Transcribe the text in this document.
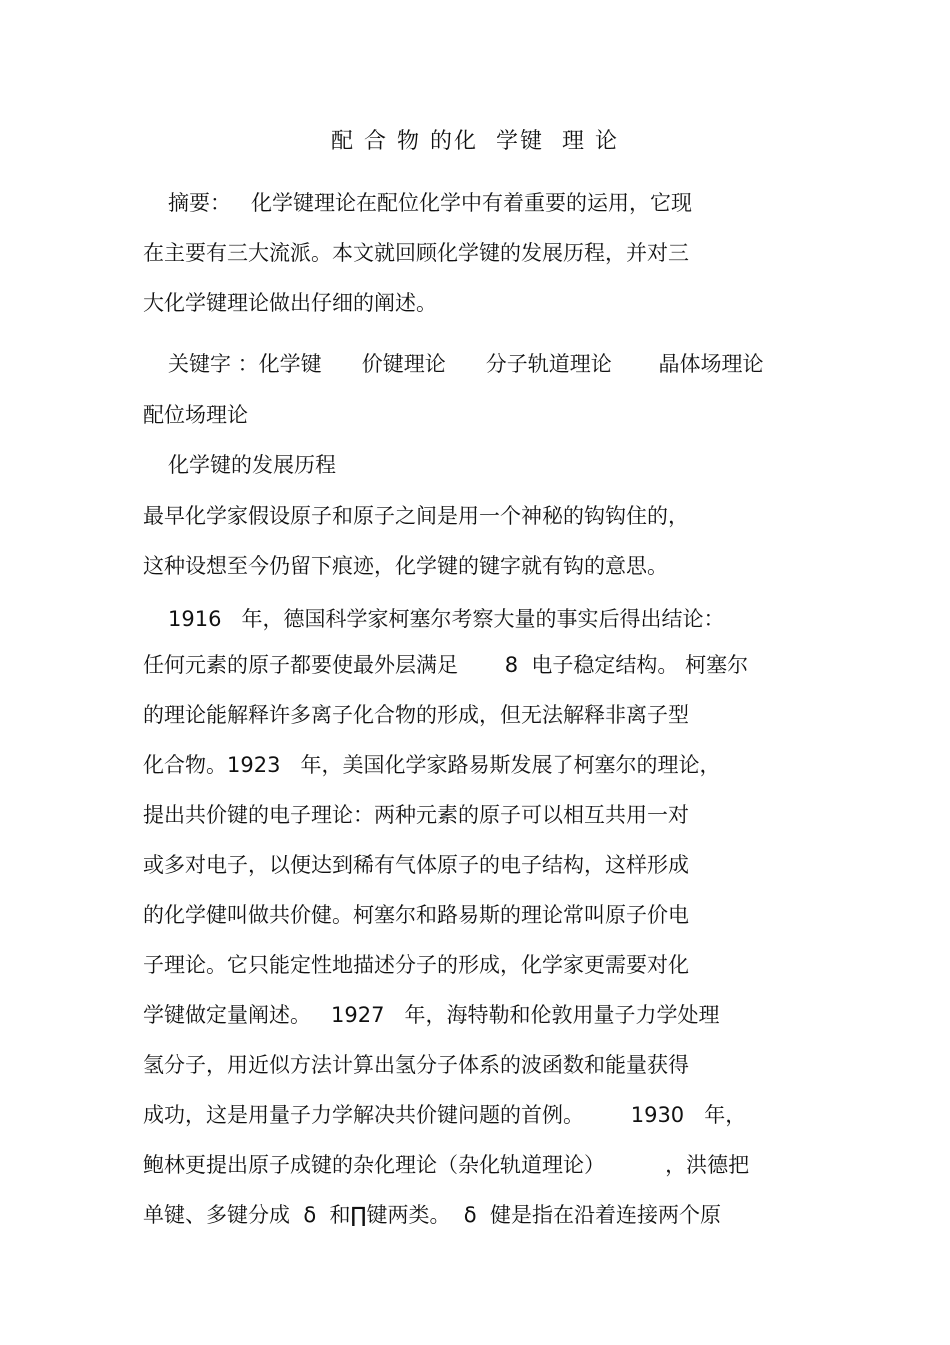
配 合 物 的化  学键  理 论
摘要：   化学键理论在配位化学中有着重要的运用，它现
在主要有三大流派。本文就回顾化学键的发展历程，并对三
大化学键理论做出仔细的阐述。
关键字 ：化学键      价键理论      分子轨道理论       晶体场理论
配位场理论
化学键的发展历程
最早化学家假设原子和原子之间是用一个神秘的钩钩住的，
这种设想至今仍留下痕迹，化学键的键字就有钩的意思。
1916   年，德国科学家柯塞尔考察大量的事实后得出结论：
任何元素的原子都要使最外层满足       8  电子稳定结构。 柯塞尔
的理论能解释许多离子化合物的形成，但无法解释非离子型
化合物。1923   年，美国化学家路易斯发展了柯塞尔的理论，
提出共价键的电子理论：两种元素的原子可以相互共用一对
或多对电子，以便达到稀有气体原子的电子结构，这样形成
的化学健叫做共价健。柯塞尔和路易斯的理论常叫原子价电
子理论。它只能定性地描述分子的形成，化学家更需要对化
学键做定量阐述。   1927   年，海特勒和伦敦用量子力学处理
氢分子，用近似方法计算出氢分子体系的波函数和能量获得
成功，这是用量子力学解决共价键问题的首例。       1930   年，
鲍林更提出原子成键的杂化理论（杂化轨道理论）         ，洪德把
单键、多键分成  δ  和∏键两类。  δ  健是指在沿着连接两个原
